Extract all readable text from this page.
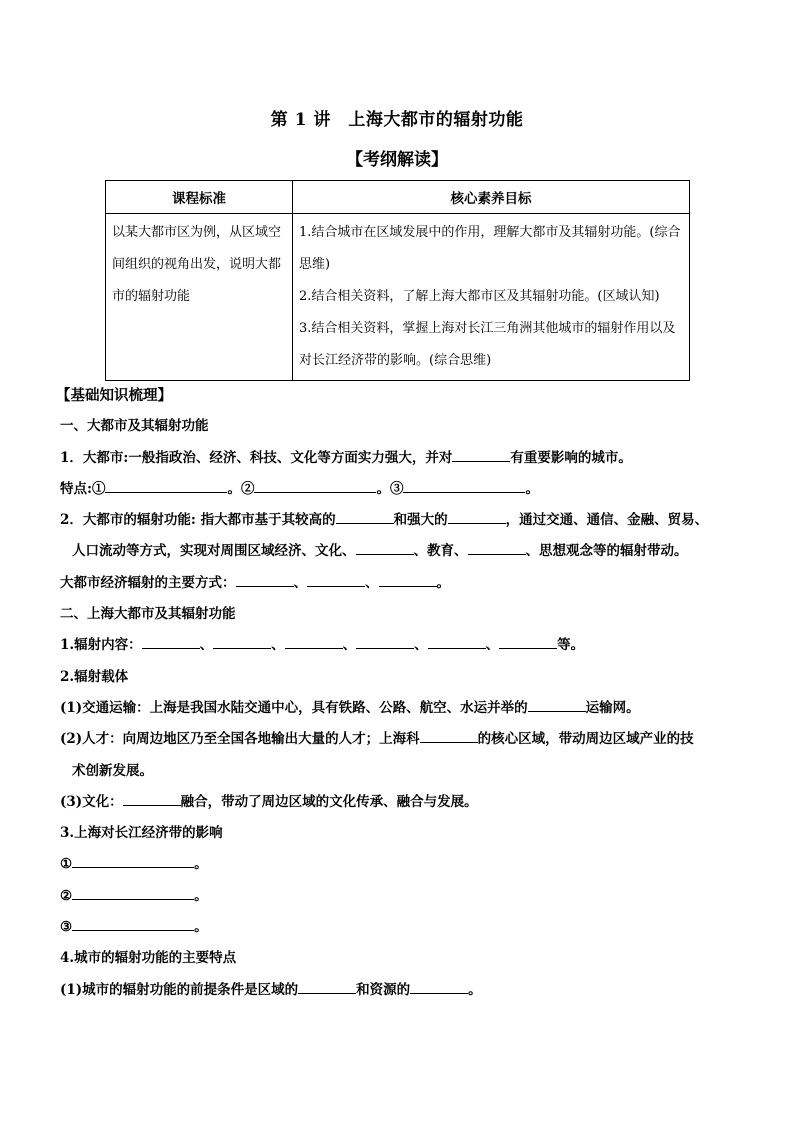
第 1 讲　上海大都市的辐射功能
【考纲解读】
课程标准	核心素养目标
以某大都市区为例，从区域空间组织的视角出发，说明大都市的辐射功能	1.结合城市在区域发展中的作用，理解大都市及其辐射功能。(综合思维)
2.结合相关资料，了解上海大都市区及其辐射功能。(区域认知)
3.结合相关资料，掌握上海对长江三角洲其他城市的辐射作用以及对长江经济带的影响。(综合思维)

【基础知识梳理】

一、大都市及其辐射功能

1．大都市:一般指政治、经济、科技、文化等方面实力强大，并对	有重要影响的城市。

特点:①	。②	。③	。

2．大都市的辐射功能: 指大都市基于其较高的	和强大的	，通过交通、通信、金融、贸易、

人口流动等方式，实现对周围区域经济、文化、	、教育、	、思想观念等的辐射带动。

大都市经济辐射的主要方式：	、	、	。

二、上海大都市及其辐射功能

1.辐射内容：	、	、	、	、	、	等。

2.辐射载体

(1)交通运输：上海是我国水陆交通中心，具有铁路、公路、航空、水运并举的	运输网。

(2)人才：向周边地区乃至全国各地输出大量的人才；上海科	的核心区域，带动周边区域产业的技

术创新发展。

(3)文化：	融合，带动了周边区域的文化传承、融合与发展。

3.上海对长江经济带的影响

①	。

②	。

③	。

4.城市的辐射功能的主要特点

(1)城市的辐射功能的前提条件是区域的	和资源的	。
